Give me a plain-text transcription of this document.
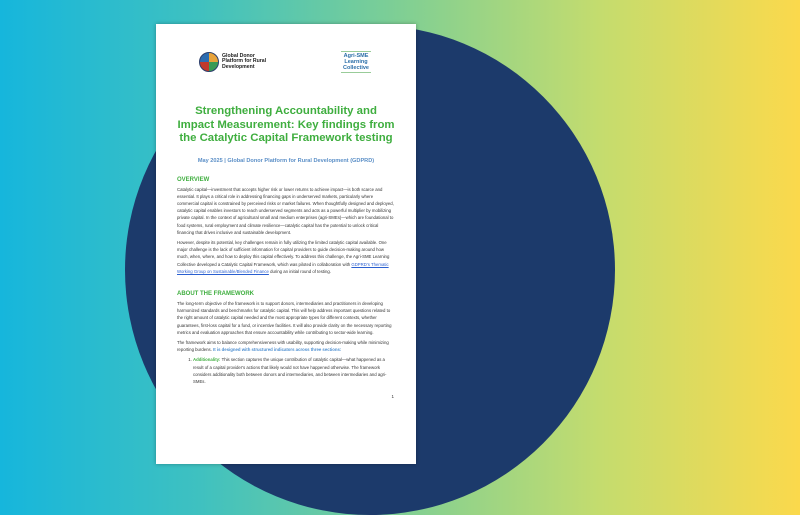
Global Donor Platform for Rural Development
Agri-SME Learning Collective
Strengthening Accountability and Impact Measurement: Key findings from the Catalytic Capital Framework testing
May 2025 | Global Donor Platform for Rural Development (GDPRD)
OVERVIEW

Catalytic capital—investment that accepts higher risk or lower returns to achieve impact—is both scarce and essential. It plays a critical role in addressing financing gaps in underserved markets, particularly where commercial capital is constrained by perceived risks or market failures. When thoughtfully designed and deployed, catalytic capital enables investors to reach underserved segments and acts as a powerful multiplier by mobilizing private capital. In the context of agricultural small and medium enterprises (agri-SMEs)—which are foundational to food systems, rural employment and climate resilience—catalytic capital has the potential to unlock critical financing that drives inclusive and sustainable development.

However, despite its potential, key challenges remain in fully utilizing the limited catalytic capital available. One major challenge is the lack of sufficient information for capital providers to guide decision-making around how much, when, where, and how to deploy this capital effectively. To address this challenge, the Agri-SME Learning Collective developed a Catalytic Capital Framework, which was piloted in collaboration with GDPRD's Thematic Working Group on Sustainable/Blended Finance during an initial round of testing.

ABOUT THE FRAMEWORK

The long-term objective of the framework is to support donors, intermediaries and practitioners in developing harmonized standards and benchmarks for catalytic capital. This will help address important questions related to the right amount of catalytic capital needed and the most appropriate types for different contexts, whether guarantees, first-loss capital for a fund, or incentive facilities. It will also provide clarity on the necessary reporting metrics and evaluation approaches that ensure accountability while contributing to sector-wide learning.

The framework aims to balance comprehensiveness with usability, supporting decision-making while minimizing reporting burdens. It is designed with structured indicators across three sections:

1. Additionality: This section captures the unique contribution of catalytic capital—what happened as a result of a capital provider's actions that likely would not have happened otherwise. The framework considers additionality both between donors and intermediaries, and between intermediaries and agri-SMEs.
1
